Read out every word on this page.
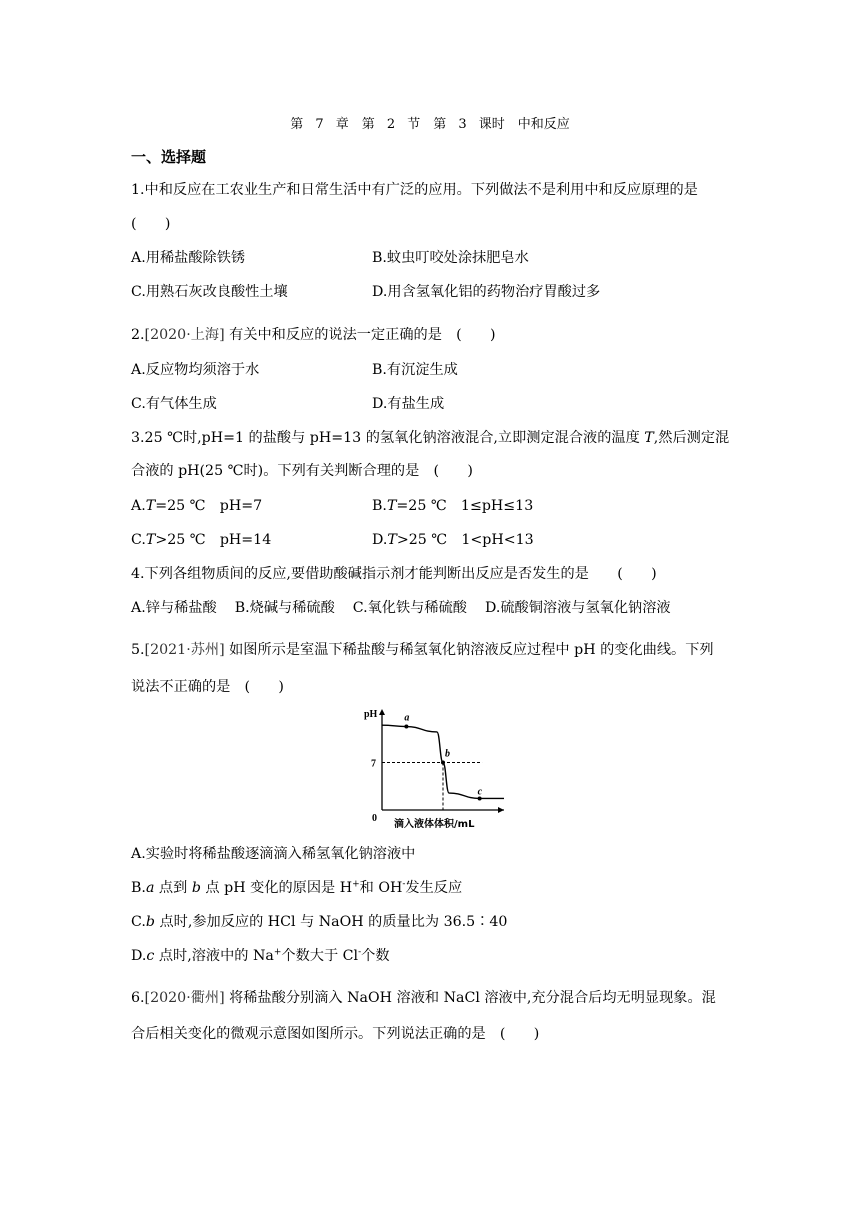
第 7 章　第 2 节　第 3 课时　中和反应
一、选择题
1.中和反应在工农业生产和日常生活中有广泛的应用。下列做法不是利用中和反应原理的是
(　　)
A.用稀盐酸除铁锈	B.蚊虫叮咬处涂抹肥皂水
C.用熟石灰改良酸性土壤	D.用含氢氧化铝的药物治疗胃酸过多
2.[2020·上海] 有关中和反应的说法一定正确的是　(　　)
A.反应物均须溶于水	B.有沉淀生成
C.有气体生成	D.有盐生成
3.25 ℃时,pH=1 的盐酸与 pH=13 的氢氧化钠溶液混合,立即测定混合液的温度 T,然后测定混
合液的 pH(25 ℃时)。下列有关判断合理的是　(　　)
A.T=25 ℃　pH=7	B.T=25 ℃　1≤pH≤13
C.T>25 ℃　pH=14	D.T>25 ℃　1<pH<13
4.下列各组物质间的反应,要借助酸碱指示剂才能判断出反应是否发生的是　　(　　)
A.锌与稀盐酸 B.烧碱与稀硫酸 C.氧化铁与稀硫酸 D.硫酸铜溶液与氢氧化钠溶液
5.[2021·苏州] 如图所示是室温下稀盐酸与稀氢氧化钠溶液反应过程中 pH 的变化曲线。下列
说法不正确的是　(　　)
pH
0
滴入液体体积/mL
7
a
b
c
A.实验时将稀盐酸逐滴滴入稀氢氧化钠溶液中
B.a 点到 b 点 pH 变化的原因是 H+和 OH-发生反应
C.b 点时,参加反应的 HCl 与 NaOH 的质量比为 36.5∶40
D.c 点时,溶液中的 Na+个数大于 Cl-个数
6.[2020·衢州] 将稀盐酸分别滴入 NaOH 溶液和 NaCl 溶液中,充分混合后均无明显现象。混
合后相关变化的微观示意图如图所示。下列说法正确的是　(　　)
